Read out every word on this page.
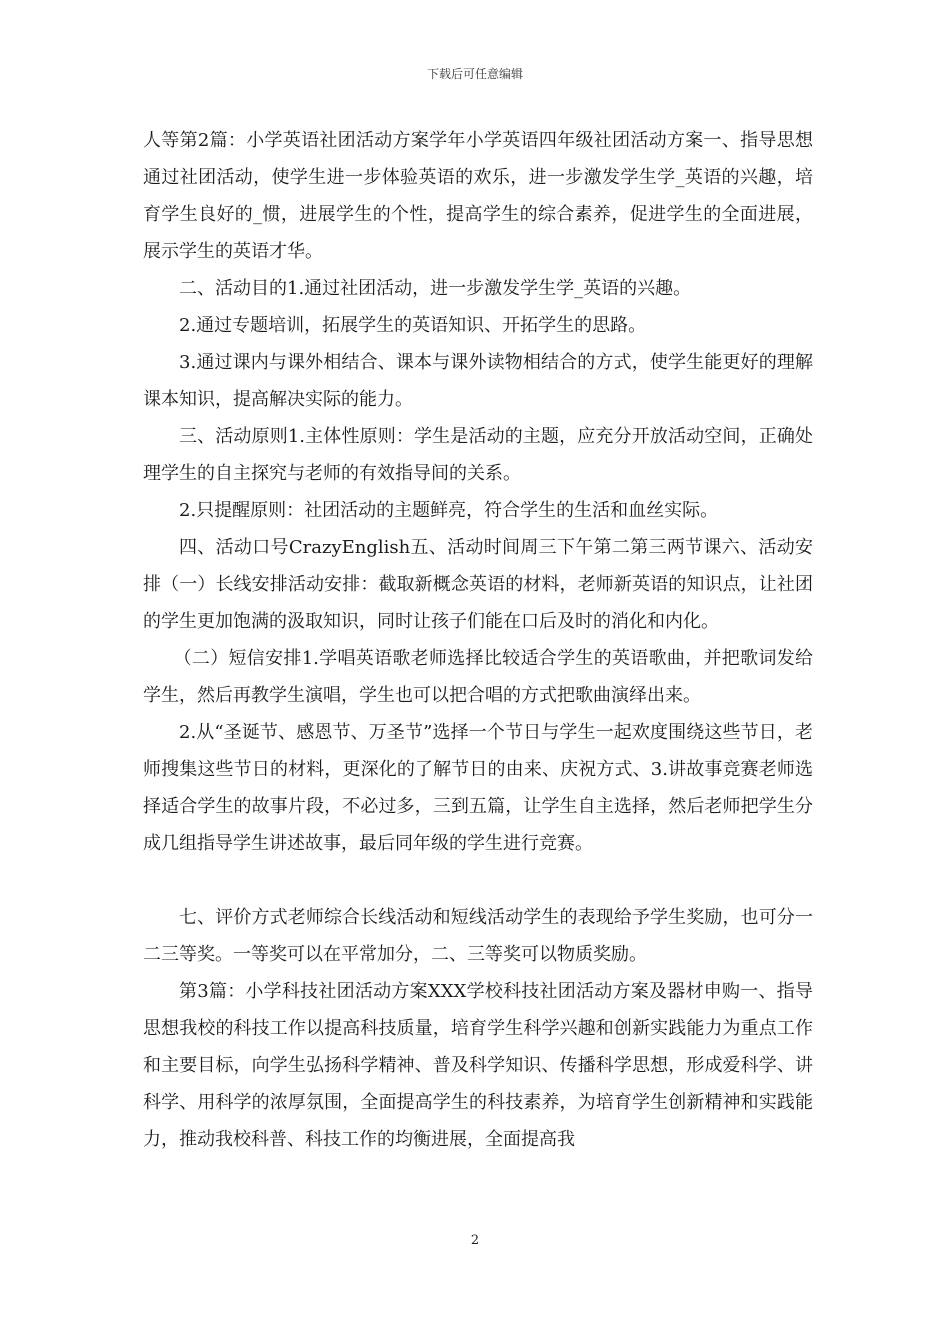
下载后可任意编辑

人等第2篇：小学英语社团活动方案学年小学英语四年级社团活动方案一、指导思想通过社团活动，使学生进一步体验英语的欢乐，进一步激发学生学_英语的兴趣，培育学生良好的_惯，进展学生的个性，提高学生的综合素养，促进学生的全面进展，展示学生的英语才华。

二、活动目的1.通过社团活动，进一步激发学生学_英语的兴趣。

2.通过专题培训，拓展学生的英语知识、开拓学生的思路。

3.通过课内与课外相结合、课本与课外读物相结合的方式，使学生能更好的理解课本知识，提高解决实际的能力。

三、活动原则1.主体性原则：学生是活动的主题，应充分开放活动空间，正确处理学生的自主探究与老师的有效指导间的关系。

2.只提醒原则：社团活动的主题鲜亮，符合学生的生活和血丝实际。

四、活动口号CrazyEnglish五、活动时间周三下午第二第三两节课六、活动安排（一）长线安排活动安排：截取新概念英语的材料，老师新英语的知识点，让社团的学生更加饱满的汲取知识，同时让孩子们能在口后及时的消化和内化。

（二）短信安排1.学唱英语歌老师选择比较适合学生的英语歌曲，并把歌词发给学生，然后再教学生演唱，学生也可以把合唱的方式把歌曲演绎出来。

2.从“圣诞节、感恩节、万圣节”选择一个节日与学生一起欢度围绕这些节日，老师搜集这些节日的材料，更深化的了解节日的由来、庆祝方式、3.讲故事竞赛老师选择适合学生的故事片段，不必过多，三到五篇，让学生自主选择，然后老师把学生分成几组指导学生讲述故事，最后同年级的学生进行竞赛。

七、评价方式老师综合长线活动和短线活动学生的表现给予学生奖励，也可分一二三等奖。一等奖可以在平常加分，二、三等奖可以物质奖励。

第3篇：小学科技社团活动方案XXX学校科技社团活动方案及器材申购一、指导思想我校的科技工作以提高科技质量，培育学生科学兴趣和创新实践能力为重点工作和主要目标，向学生弘扬科学精神、普及科学知识、传播科学思想，形成爱科学、讲科学、用科学的浓厚氛围，全面提高学生的科技素养，为培育学生创新精神和实践能力，推动我校科普、科技工作的均衡进展，全面提高我

2
